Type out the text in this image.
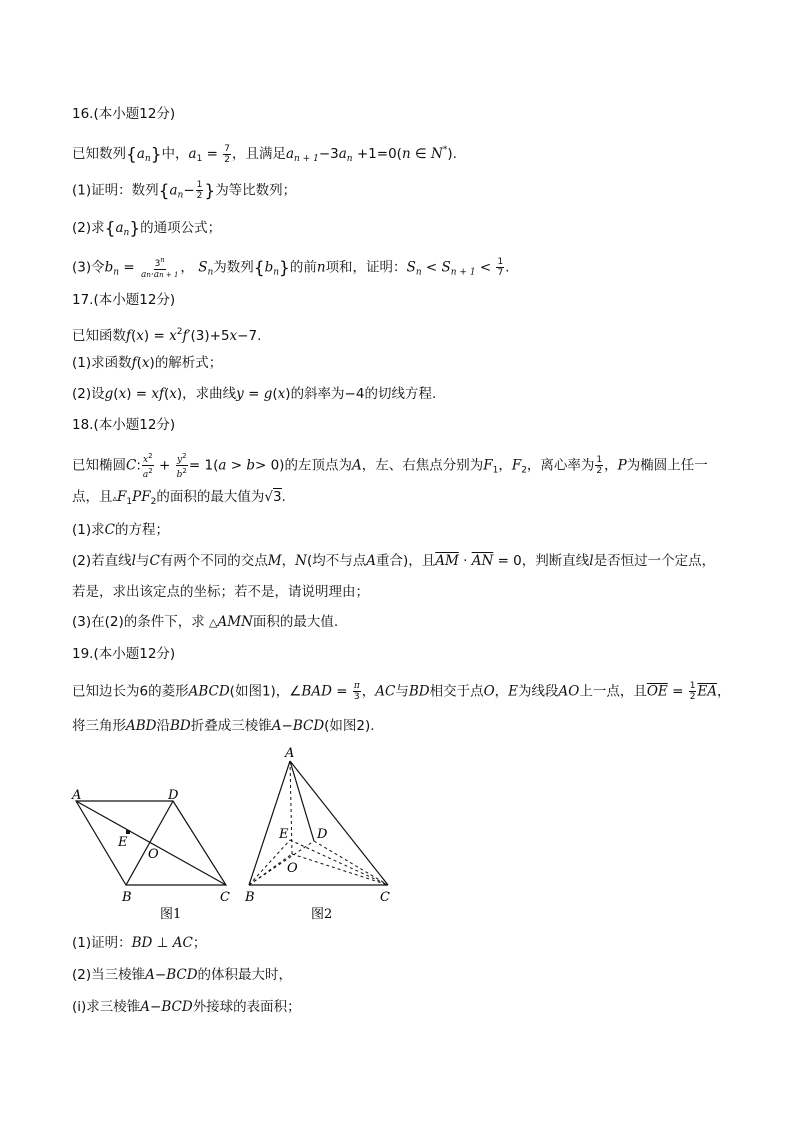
16.(本小题12分)
已知数列$\{a_n\}$中，$a_1 = \frac{7}{2}$ ，且满足$a_{n + 1}-3a_n +1=0(n$ ∈ N*).
(1)证明：数列{$a_n- \frac{1}{2}$ }为等比数列；
(2)求$\{a_n\}$的通项公式；
(3)令$b_n = \frac{3^n}{an\cdot an + 1}$ ， $S_n$为数列$\{b_n\}$的前n项和，证明：$S_n < S_{n + 1} < \frac{1}{7}$ .
17.(本小题12分)
已知函数$f(x) = x^2f'(3)+5x-7$.
(1)求函数f(x)的解析式；
(2)设g(x) = xf(x)，求曲线y = g(x)的斜率为−4的切线方程.
18.(本小题12分)
已知椭圆C: $\frac{x^2}{a^2} + \frac{y^2}{b^2} = 1(a > b> 0)$的左顶点为A，左、右焦点分别为$F_1$，$F_2$，离心率为 $\frac{1}{2}$ ，P为椭圆上任一
点，且$▵F_1PF_2$的面积的最大值为√3.
(1)求C的方程；
(2)若直线l与C有两个不同的交点M，N(均不与点A重合)，且$\overline{AM} \cdot \overline{AN} = 0$，判断直线l是否恒过一个定点，
若是，求出该定点的坐标；若不是，请说明理由；
(3)在(2)的条件下，求 △AMN面积的最大值.
19.(本小题12分)
已知边长为6的菱形ABCD(如图1)，∠BAD = $\frac{\pi}{3}$ ，AC与BD相交于点O，E为线段AO上一点，且$\overline{OE} = \frac{1}{2} \overline{EA}$，
将三角形ABD沿BD折叠成三棱锥A−BCD(如图2).
A	D
E
O
B	C
图1
A
E D
O
B	C
图2
(1)证明：BD ⊥ AC；
(2)当三棱锥A−BCD的体积最大时，
(ⅰ)求三棱锥A−BCD外接球的表面积；
